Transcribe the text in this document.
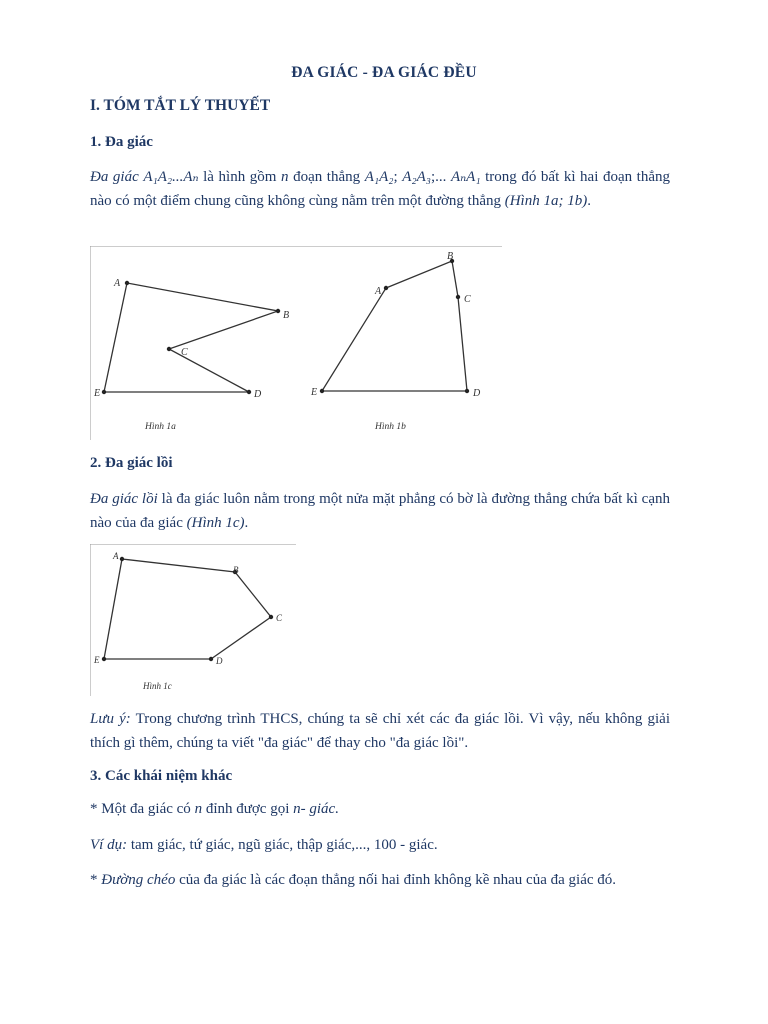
ĐA GIÁC - ĐA GIÁC ĐỀU
I. TÓM TẮT LÝ THUYẾT
1. Đa giác
Đa giác A₁A₂...Aₙ là hình gồm n đoạn thẳng A₁A₂; A₂A₃;... AₙA₁ trong đó bất kì hai đoạn thẳng nào có một điểm chung cũng không cùng nằm trên một đường thẳng (Hình 1a; 1b).
A
B
C
D
E
A
B
C
D
E
Hình 1a	Hình 1b
2. Đa giác lồi
Đa giác lồi là đa giác luôn nằm trong một nửa mặt phẳng có bờ là đường thẳng chứa bất kì cạnh nào của đa giác (Hình 1c).
A
B
C
D
E
Hình 1c
Lưu ý: Trong chương trình THCS, chúng ta sẽ chỉ xét các đa giác lồi. Vì vậy, nếu không giải thích gì thêm, chúng ta viết "đa giác" để thay cho "đa giác lồi".
3. Các khái niệm khác
* Một đa giác có n đỉnh được gọi n- giác.
Ví dụ: tam giác, tứ giác, ngũ giác, thập giác,..., 100 - giác.
* Đường chéo của đa giác là các đoạn thẳng nối hai đỉnh không kề nhau của đa giác đó.
